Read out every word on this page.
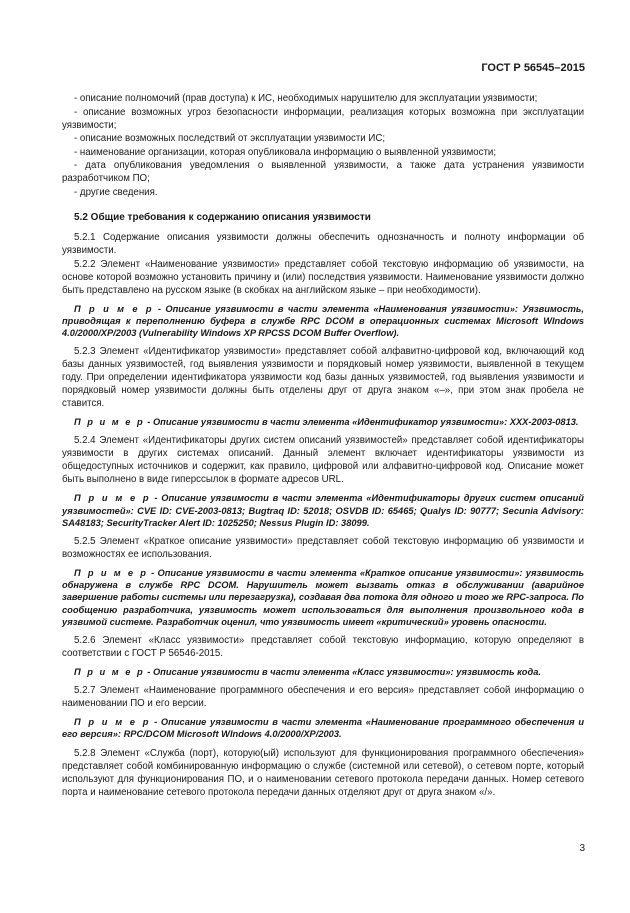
ГОСТ Р 56545–2015

- описание полномочий (прав доступа) к ИС, необходимых нарушителю для эксплуатации уязвимости;

- описание возможных угроз безопасности информации, реализация которых возможна при эксплуатации уязвимости;

- описание возможных последствий от эксплуатации уязвимости ИС;

- наименование организации, которая опубликовала информацию о выявленной уязвимости;

- дата опубликования уведомления о выявленной уязвимости, а также дата устранения уязвимости разработчиком ПО;

- другие сведения.

5.2 Общие требования к содержанию описания уязвимости

5.2.1 Содержание описания уязвимости должны обеспечить однозначность и полноту информации об уязвимости.

5.2.2 Элемент «Наименование уязвимости» представляет собой текстовую информацию об уязвимости, на основе которой возможно установить причину и (или) последствия уязвимости. Наименование уязвимости должно быть представлено на русском языке (в скобках на английском языке – при необходимости).

П р и м е р - Описание уязвимости в части элемента «Наименования уязвимости»: Уязвимость, приводящая к переполнению буфера в службе RPC DCOM в операционных системах Microsoft WIndows 4.0/2000/XP/2003 (Vulnerability Windows XP RPCSS DCOM Buffer Overflow).

5.2.3 Элемент «Идентификатор уязвимости» представляет собой алфавитно-цифровой код, включающий код базы данных уязвимостей, год выявления уязвимости и порядковый номер уязвимости, выявленной в текущем году. При определении идентификатора уязвимости код базы данных уязвимостей, год выявления уязвимости и порядковый номер уязвимости должны быть отделены друг от друга знаком «–», при этом знак пробела не ставится.

П р и м е р - Описание уязвимости в части элемента «Идентификатор уязвимости»: ХХХ-2003-0813.

5.2.4 Элемент «Идентификаторы других систем описаний уязвимостей» представляет собой идентификаторы уязвимости в других системах описаний. Данный элемент включает идентификаторы уязвимости из общедоступных источников и содержит, как правило, цифровой или алфавитно-цифровой код. Описание может быть выполнено в виде гиперссылок в формате адресов URL.

П р и м е р - Описание уязвимости в части элемента «Идентификаторы других систем описаний уязвимостей»: CVE ID: CVE-2003-0813; Bugtraq ID: 52018; OSVDB ID: 65465; Qualys ID: 90777; Secunia Advisory: SA48183; SecurityTracker Alert ID: 1025250; Nessus Plugin ID: 38099.

5.2.5 Элемент «Краткое описание уязвимости» представляет собой текстовую информацию об уязвимости и возможностях ее использования.

П р и м е р - Описание уязвимости в части элемента «Краткое описание уязвимости»: уязвимость обнаружена в службе RPC DCOM. Нарушитель может вызвать отказ в обслуживании (аварийное завершение работы системы или перезагрузка), создавая два потока для одного и того же RPC-запроса. По сообщению разработчика, уязвимость может использоваться для выполнения произвольного кода в уязвимой системе. Разработчик оценил, что уязвимость имеет «критический» уровень опасности.

5.2.6 Элемент «Класс уязвимости» представляет собой текстовую информацию, которую определяют в соответствии с ГОСТ Р 56546-2015.

П р и м е р - Описание уязвимости в части элемента «Класс уязвимости»: уязвимость кода.

5.2.7 Элемент «Наименование программного обеспечения и его версия» представляет собой информацию о наименовании ПО и его версии.

П р и м е р - Описание уязвимости в части элемента «Наименование программного обеспечения и его версия»: RPC/DCOM Microsoft WIndows 4.0/2000/XP/2003.

5.2.8 Элемент «Служба (порт), которую(ый) используют для функционирования программного обеспечения» представляет собой комбинированную информацию о службе (системной или сетевой), о сетевом порте, который используют для функционирования ПО, и о наименовании сетевого протокола передачи данных. Номер сетевого порта и наименование сетевого протокола передачи данных отделяют друг от друга знаком «/».

3
